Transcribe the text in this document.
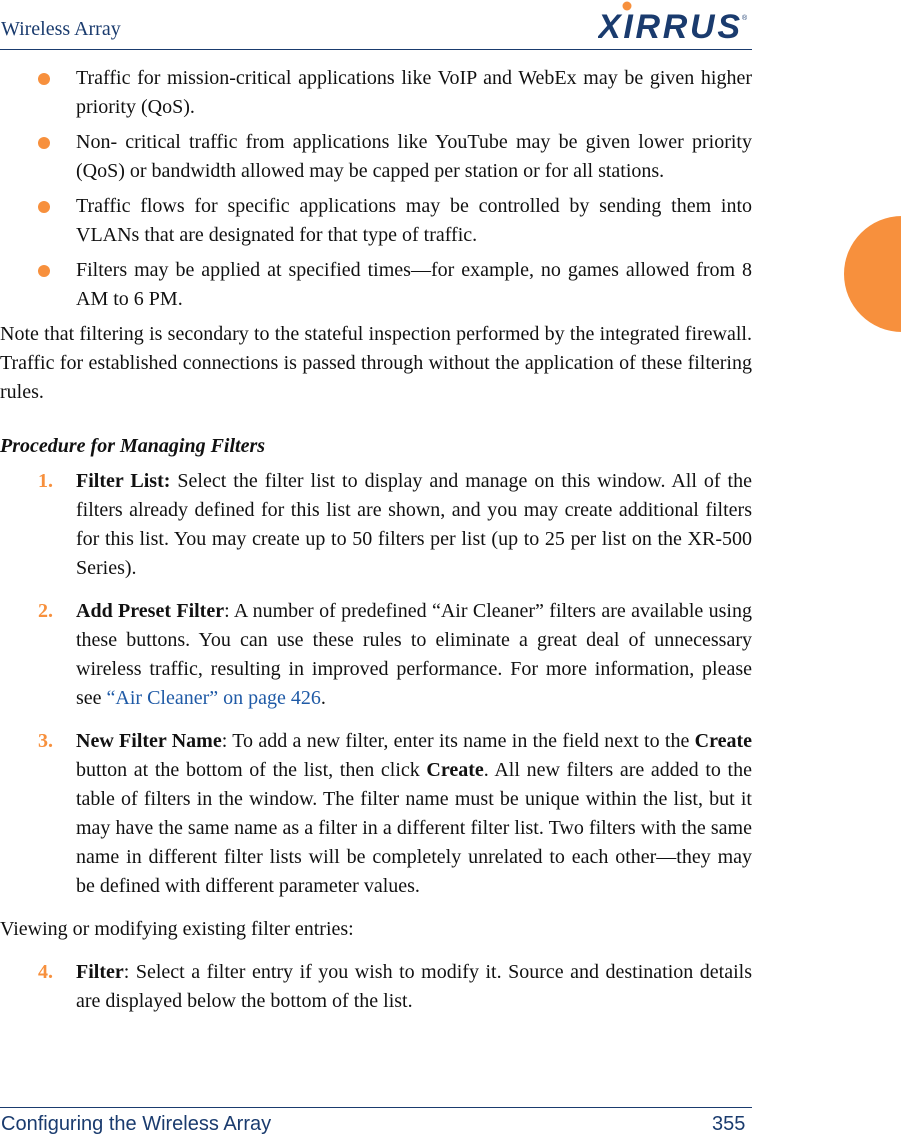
Wireless Array	XIRRUS ®
Traffic for mission-critical applications like VoIP and WebEx may be given higher priority (QoS).
Non- critical traffic from applications like YouTube may be given lower priority (QoS) or bandwidth allowed may be capped per station or for all stations.
Traffic flows for specific applications may be controlled by sending them into VLANs that are designated for that type of traffic.
Filters may be applied at specified times—for example, no games allowed from 8 AM to 6 PM.

Note that filtering is secondary to the stateful inspection performed by the integrated firewall. Traffic for established connections is passed through without the application of these filtering rules.

Procedure for Managing Filters
1. Filter List: Select the filter list to display and manage on this window. All of the filters already defined for this list are shown, and you may create additional filters for this list. You may create up to 50 filters per list (up to 25 per list on the XR-500 Series).
2. Add Preset Filter: A number of predefined “Air Cleaner” filters are available using these buttons. You can use these rules to eliminate a great deal of unnecessary wireless traffic, resulting in improved performance. For more information, please see “Air Cleaner” on page 426.
3. New Filter Name: To add a new filter, enter its name in the field next to the Create button at the bottom of the list, then click Create. All new filters are added to the table of filters in the window. The filter name must be unique within the list, but it may have the same name as a filter in a different filter list. Two filters with the same name in different filter lists will be completely unrelated to each other—they may be defined with different parameter values.

Viewing or modifying existing filter entries:

4. Filter: Select a filter entry if you wish to modify it. Source and destination details are displayed below the bottom of the list.
Configuring the Wireless Array	355
